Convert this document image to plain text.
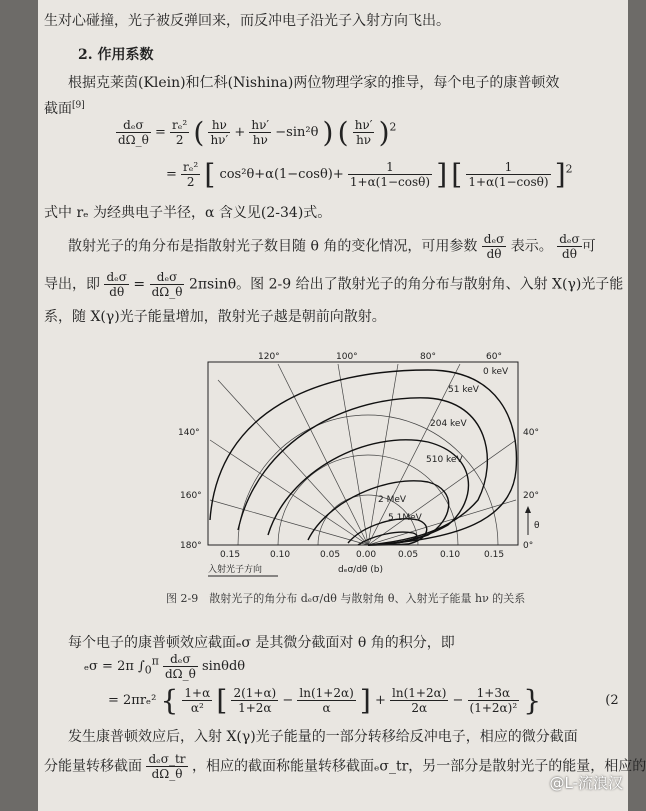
生对心碰撞，光子被反弹回来，而反冲电子沿光子入射方向飞出。
2. 作用系数
根据克莱茵(Klein)和仁科(Nishina)两位物理学家的推导，每个电子的康普顿效
截面[9]
$\frac{\text{dₑσ}}{d\Omega\_\theta} = \frac{\text{rₑ²}}{2}$ ( $\frac{h\nu}{h\nu'} + \frac{h\nu'}{h\nu} -\sin^2\theta$ ) ( $\frac{h\nu'}{h\nu} )^2$
= $\frac{\text{rₑ²}}{2}$ [ $\cos^2\theta+\alpha(1-\cos\theta)+ \frac{1}{1+\alpha(1-\cos\theta)}$ ] [ $\frac{1}{1+\alpha(1-\cos\theta)} ]^2$
式中 rₑ 为经典电子半径，α 含义见(2-34)式。
散射光子的角分布是指散射光子数目随 θ 角的变化情况，可用参数 $\frac{\text{dₑσ}}{d\theta}$ 表示。 $\frac{\text{dₑσ}}{d\theta}$ 可
导出，即 $\frac{\text{dₑσ}}{d\theta} = \frac{\text{dₑσ}}{d\Omega\_\theta} 2\pi\sin\theta$。图 2-9 给出了散射光子的角分布与散射角、入射 X(γ)光子能
系，随 X(γ)光子能量增加，散射光子越是朝前向散射。
120°	100°	80°	60°
140°	40°
160°	20°
180°	0°
0 keV
51 keV
204 keV
510 keV
2 MeV
5.1MeV
0.15	0.10	0.05 0.00 0.05 0.10	0.15
θ
入射光子方向	dₑσ/dθ (b)
图 2-9　散射光子的角分布 dₑσ/dθ 与散射角 θ、入射光子能量 hν 的关系
每个电子的康普顿效应截面ₑσ 是其微分截面对 θ 角的积分，即
ₑσ = 2π $\int_0^\pi \frac{\text{dₑσ}}{d\Omega\_\theta}$ sinθdθ
= 2πrₑ² { $\frac{1+\alpha}{\text{α²}}$ [ $\frac{2(1+\alpha)}{1+2\alpha} - \frac{\ln(1+2\alpha)}{\alpha}$ ] + $\frac{\ln(1+2\alpha)}{2\alpha} - \frac{1+3\alpha}{\text{(1+2α)²}}$ }	(2
发生康普顿效应后，入射 X(γ)光子能量的一部分转移给反冲电子，相应的微分截面
分能量转移截面 $\frac{\text{dₑσ\_tr}}{d\Omega\_\theta}$ ，相应的截面称能量转移截面ₑσ_tr，另一部分是散射光子的能量，相应的
@L-流浪汉
